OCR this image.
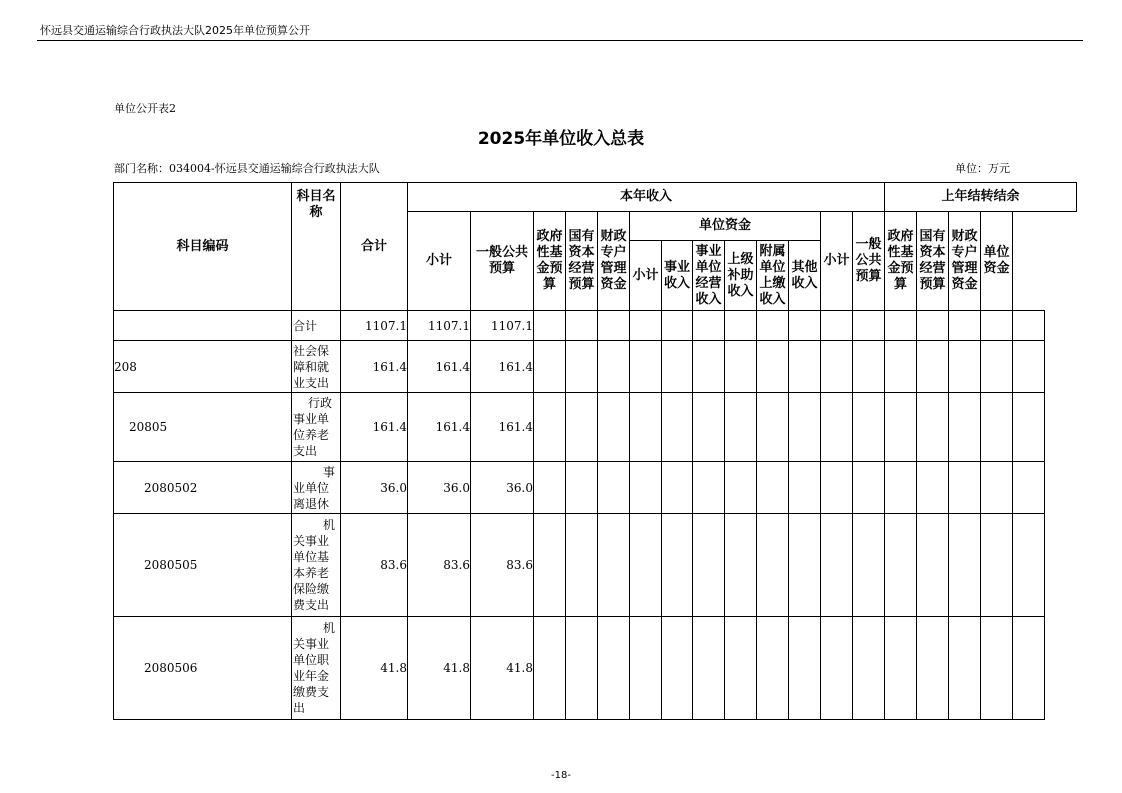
怀远县交通运输综合行政执法大队2025年单位预算公开
单位公开表2
2025年单位收入总表
部门名称：034004-怀远县交通运输综合行政执法大队	单位：万元
科目编码	科目名称	合计	本年收入													上年结转结余				
			小计	一般公共预算	政府性基金预算	国有资本经营预算	财政专户管理资金	单位资金						小计	一般公共预算	政府性基金预算	国有资本经营预算	财政专户管理资金	单位资金	

								小计	事业收入	事业单位经营收入	上级补助收入	附属单位上缴收入	其他收入							

	合计	1107.1	1107.1	1107.1																
208	社会保障和就业支出	161.4	161.4	161.4																
20805	行政事业单位养老支出	161.4	161.4	161.4																
2080502	事业单位离退休	36.0	36.0	36.0																
2080505	机关事业单位基本养老保险缴费支出	83.6	83.6	83.6																
2080506	机关事业单位职业年金缴费支出	41.8	41.8	41.8																
-18-
